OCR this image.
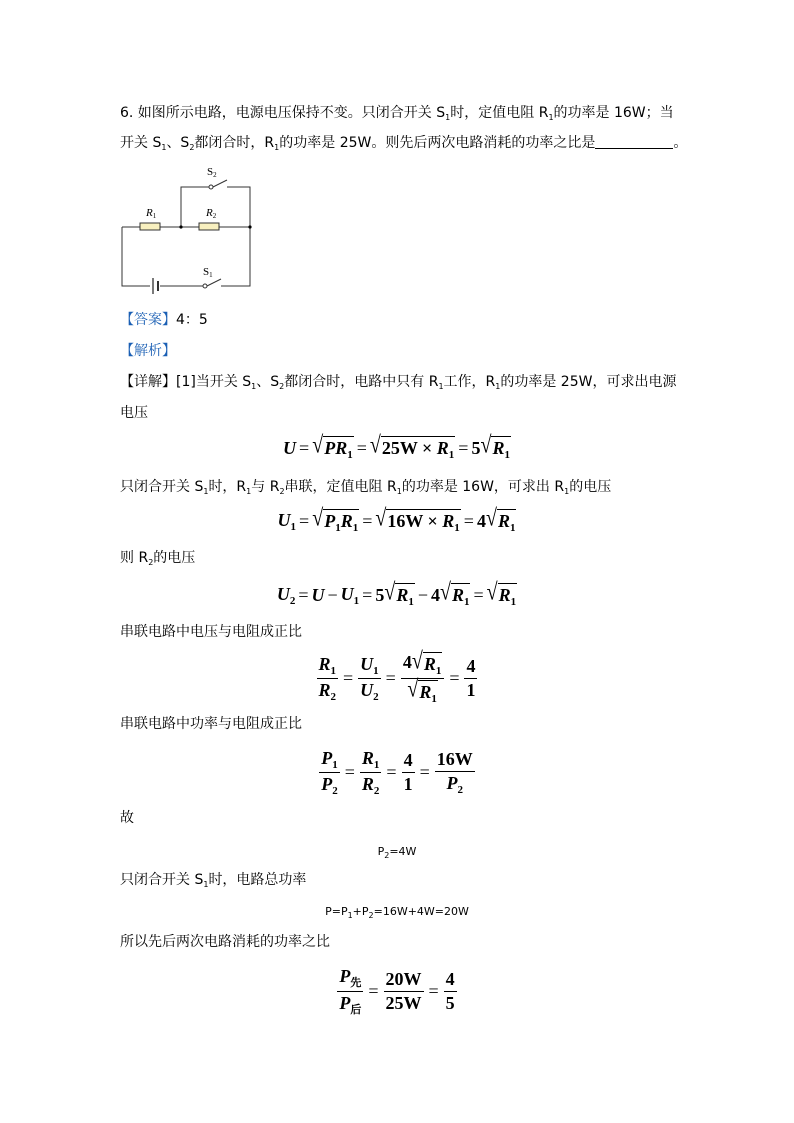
6. 如图所示电路，电源电压保持不变。只闭合开关 $S_1$时，定值电阻 $R_1$的功率是 16W；当
开关 $S_1$、$S_2$都闭合时，$R_1$的功率是 25W。则先后两次电路消耗的功率之比是	。
R1	R2
S1
S2
【答案】4：5
【解析】
【详解】[1]当开关 $S_1$、$S_2$都闭合时，电路中只有 $R_1$工作，$R_1$的功率是 25W，可求出电源
电压
U = √ $PR_1$ = √ $25W \times R_1 = 5$ √ $R_1$
只闭合开关 $S_1$时，$R_1$与 $R_2$串联，定值电阻 $R_1$的功率是 16W，可求出 $R_1$的电压
$U_1$ = √ $P_1R_1$ = √ $16W \times R_1 = 4$ √ $R_1$
则 $R_2$的电压
$U_2 = U - U_1 = 5$ √ $R_1 - 4$ √ $R_1$ = √ $R_1$
串联电路中电压与电阻成正比
$\frac{R_1}{R_2} = \frac{U_1}{U_2} = \frac{4 √ R_1}{√ R_1} = \frac{4}{1}$
串联电路中功率与电阻成正比
$\frac{P_1}{P_2} = \frac{R_1}{R_2} = \frac{4}{1} = \frac{16W}{P_2}$
故
$P_2=4W$
只闭合开关 $S_1$时，电路总功率
$P=P_1+P_2=16W+4W=20W$
所以先后两次电路消耗的功率之比
$\frac{P_先}{P_后} = \frac{20W}{25W} = \frac{4}{5}$
